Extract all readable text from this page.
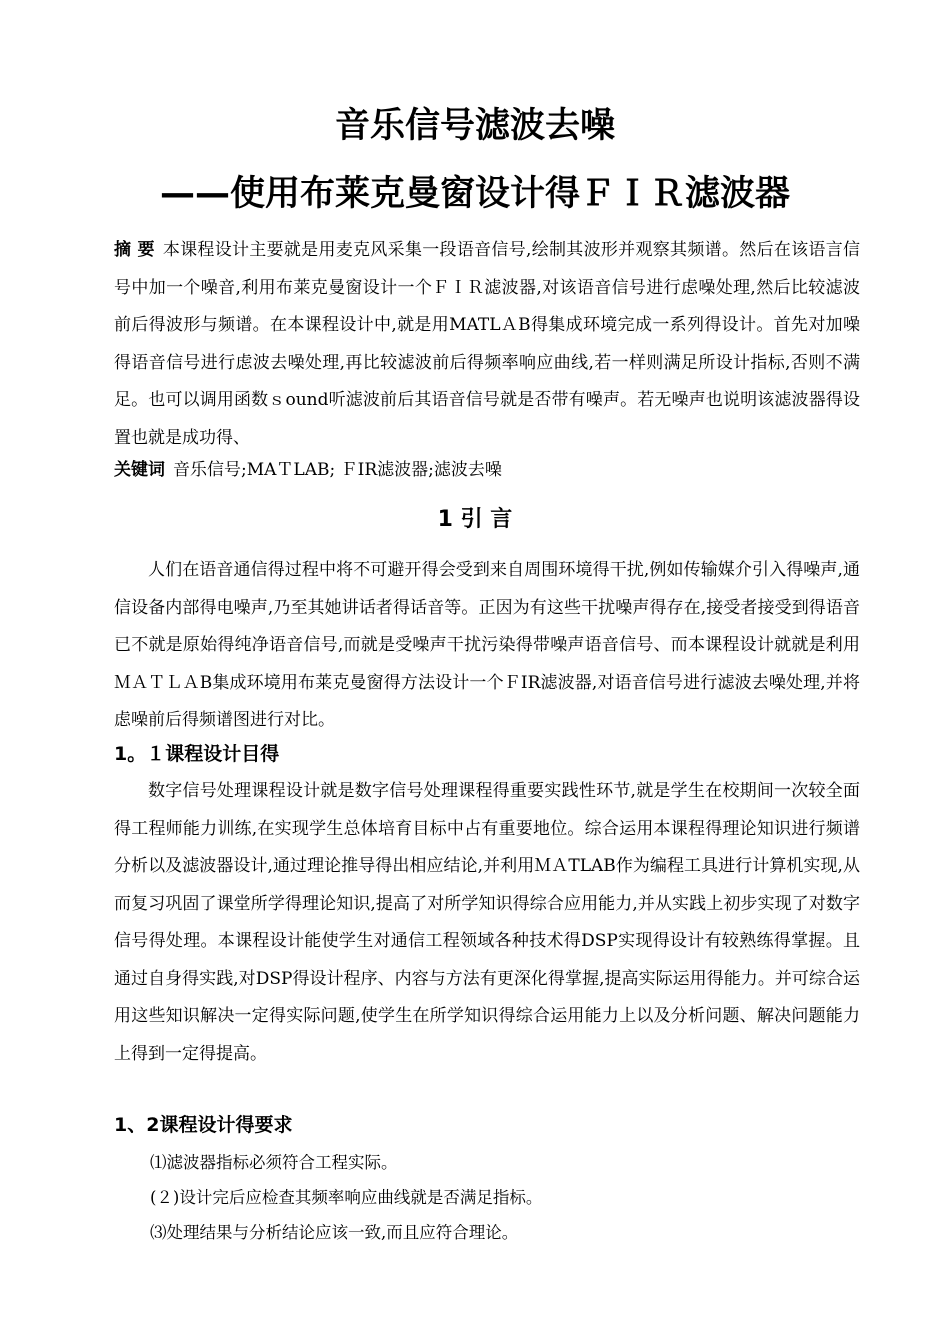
音乐信号滤波去噪
——使用布莱克曼窗设计得ＦＩＲ滤波器

摘 要 本课程设计主要就是用麦克风采集一段语音信号,绘制其波形并观察其频谱。然后在该语言信号中加一个噪音,利用布莱克曼窗设计一个ＦＩＲ滤波器,对该语音信号进行虑噪处理,然后比较滤波前后得波形与频谱。在本课程设计中,就是用MATLＡB得集成环境完成一系列得设计。首先对加噪得语音信号进行虑波去噪处理,再比较滤波前后得频率响应曲线,若一样则满足所设计指标,否则不满足。也可以调用函数ｓound听滤波前后其语音信号就是否带有噪声。若无噪声也说明该滤波器得设置也就是成功得、

关键词 音乐信号;MAＴLAB; ＦIR滤波器;滤波去噪

1 引 言

人们在语音通信得过程中将不可避开得会受到来自周围环境得干扰,例如传输媒介引入得噪声,通信设备内部得电噪声,乃至其她讲话者得话音等。正因为有这些干扰噪声得存在,接受者接受到得语音已不就是原始得纯净语音信号,而就是受噪声干扰污染得带噪声语音信号、而本课程设计就就是利用ＭＡＴＬＡB集成环境用布莱克曼窗得方法设计一个ＦIR滤波器,对语音信号进行滤波去噪处理,并将虑噪前后得频谱图进行对比。

1。１课程设计目得

数字信号处理课程设计就是数字信号处理课程得重要实践性环节,就是学生在校期间一次较全面得工程师能力训练,在实现学生总体培育目标中占有重要地位。综合运用本课程得理论知识进行频谱分析以及滤波器设计,通过理论推导得出相应结论,并利用ＭＡTLAB作为编程工具进行计算机实现,从而复习巩固了课堂所学得理论知识,提高了对所学知识得综合应用能力,并从实践上初步实现了对数字信号得处理。本课程设计能使学生对通信工程领域各种技术得DSP实现得设计有较熟练得掌握。且通过自身得实践,对DSP得设计程序、内容与方法有更深化得掌握,提高实际运用得能力。并可综合运用这些知识解决一定得实际问题,使学生在所学知识得综合运用能力上以及分析问题、解决问题能力上得到一定得提高。

1、2课程设计得要求

⑴滤波器指标必须符合工程实际。

(２)设计完后应检查其频率响应曲线就是否满足指标。

⑶处理结果与分析结论应该一致,而且应符合理论。
